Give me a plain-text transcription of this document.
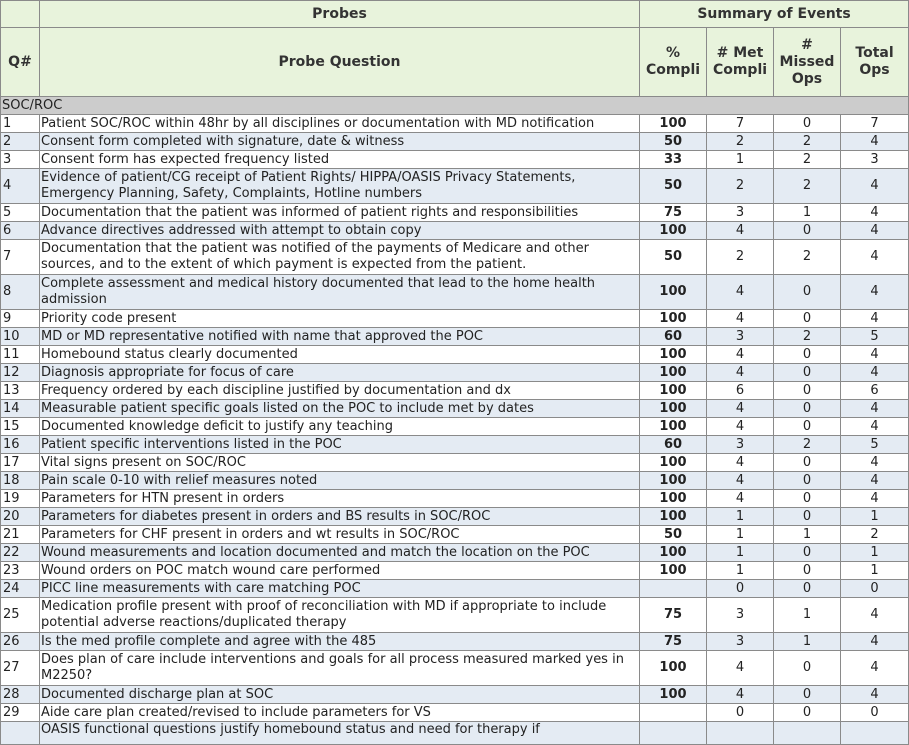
	Probes	Summary of Events			
Q#	Probe Question	% Compli	# Met Compli	# Missed Ops	Total Ops
SOC/ROC					
1	Patient SOC/ROC within 48hr by all disciplines or documentation with MD notification	100	7	0	7
2	Consent form completed with signature, date & witness	50	2	2	4
3	Consent form has expected frequency listed	33	1	2	3
4	Evidence of patient/CG receipt of Patient Rights/ HIPPA/OASIS Privacy Statements, Emergency Planning, Safety, Complaints, Hotline numbers	50	2	2	4
5	Documentation that the patient was informed of patient rights and responsibilities	75	3	1	4
6	Advance directives addressed with attempt to obtain copy	100	4	0	4
7	Documentation that the patient was notified of the payments of Medicare and other sources, and to the extent of which payment is expected from the patient.	50	2	2	4
8	Complete assessment and medical history documented that lead to the home health admission	100	4	0	4
9	Priority code present	100	4	0	4
10	MD or MD representative notified with name that approved the POC	60	3	2	5
11	Homebound status clearly documented	100	4	0	4
12	Diagnosis appropriate for focus of care	100	4	0	4
13	Frequency ordered by each discipline justified by documentation and dx	100	6	0	6
14	Measurable patient specific goals listed on the POC to include met by dates	100	4	0	4
15	Documented knowledge deficit to justify any teaching	100	4	0	4
16	Patient specific interventions listed in the POC	60	3	2	5
17	Vital signs present on SOC/ROC	100	4	0	4
18	Pain scale 0-10 with relief measures noted	100	4	0	4
19	Parameters for HTN present in orders	100	4	0	4
20	Parameters for diabetes present in orders and BS results in SOC/ROC	100	1	0	1
21	Parameters for CHF present in orders and wt results in SOC/ROC	50	1	1	2
22	Wound measurements and location documented and match the location on the POC	100	1	0	1
23	Wound orders on POC match wound care performed	100	1	0	1
24	PICC line measurements with care matching POC		0	0	0
25	Medication profile present with proof of reconciliation with MD if appropriate to include potential adverse reactions/duplicated therapy	75	3	1	4
26	Is the med profile complete and agree with the 485	75	3	1	4
27	Does plan of care include interventions and goals for all process measured marked yes in M2250?	100	4	0	4
28	Documented discharge plan at SOC	100	4	0	4
29	Aide care plan created/revised to include parameters for VS		0	0	0
	OASIS functional questions justify homebound status and need for therapy if				
